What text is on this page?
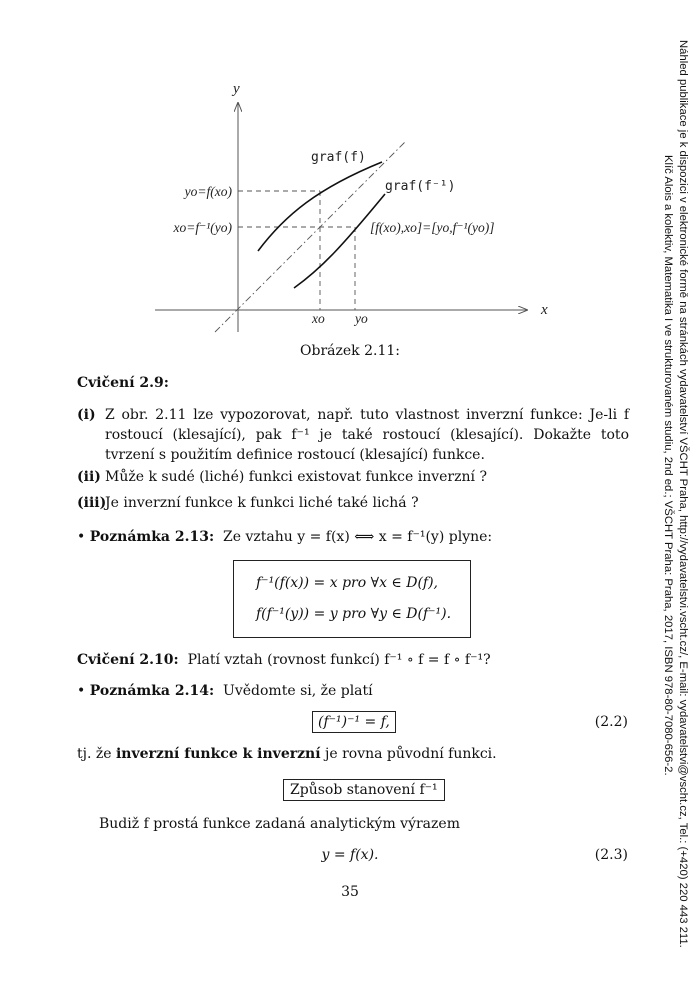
y
x
graf(f)
graf(f⁻¹)
yo=f(xo)
xo=f⁻¹(yo)	[f(xo),xo]=[yo,f⁻¹(yo)]
xo yo
Obrázek 2.11:
Cvičení 2.9:
(i) Z obr. 2.11 lze vypozorovat, např. tuto vlastnost inverzní funkce: Je-li f rostoucí (klesající), pak f⁻¹ je také rostoucí (klesající). Dokažte toto tvrzení s použitím definice rostoucí (klesající) funkce.
(ii) Může k sudé (liché) funkci existovat funkce inverzní ?
(iii)
Je inverzní funkce k funkci liché také lichá ?
• Poznámka 2.13: Ze vztahu y = f(x) ⟺ x = f⁻¹(y) plyne:
f⁻¹(f(x)) = x pro ∀x ∈ D(f),
f(f⁻¹(y)) = y pro ∀y ∈ D(f⁻¹).
Cvičení 2.10: Platí vztah (rovnost funkcí) f⁻¹ ∘ f = f ∘ f⁻¹?
• Poznámka 2.14: Uvědomte si, že platí
(f⁻¹)⁻¹ = f,	(2.2)
tj. že inverzní funkce k inverzní je rovna původní funkci.
Způsob stanovení f⁻¹
Budiž f prostá funkce zadaná analytickým výrazem
y = f(x).	(2.3)
35	Náhled publikace je k dispozici v elektronické formě na stránkách vydavatelství VŠCHT Praha, http://vydavatelstvi.vscht.cz/, E-mail: vydavatelstvi@vscht.cz, Tel.: (+420) 220 443 211.
Klíč Alois a kolektiv, Matematika I ve strukturovaném studiu, 2nd ed.; VŠCHT Praha: Praha, 2017, ISBN 978-80-7080-656-2.
